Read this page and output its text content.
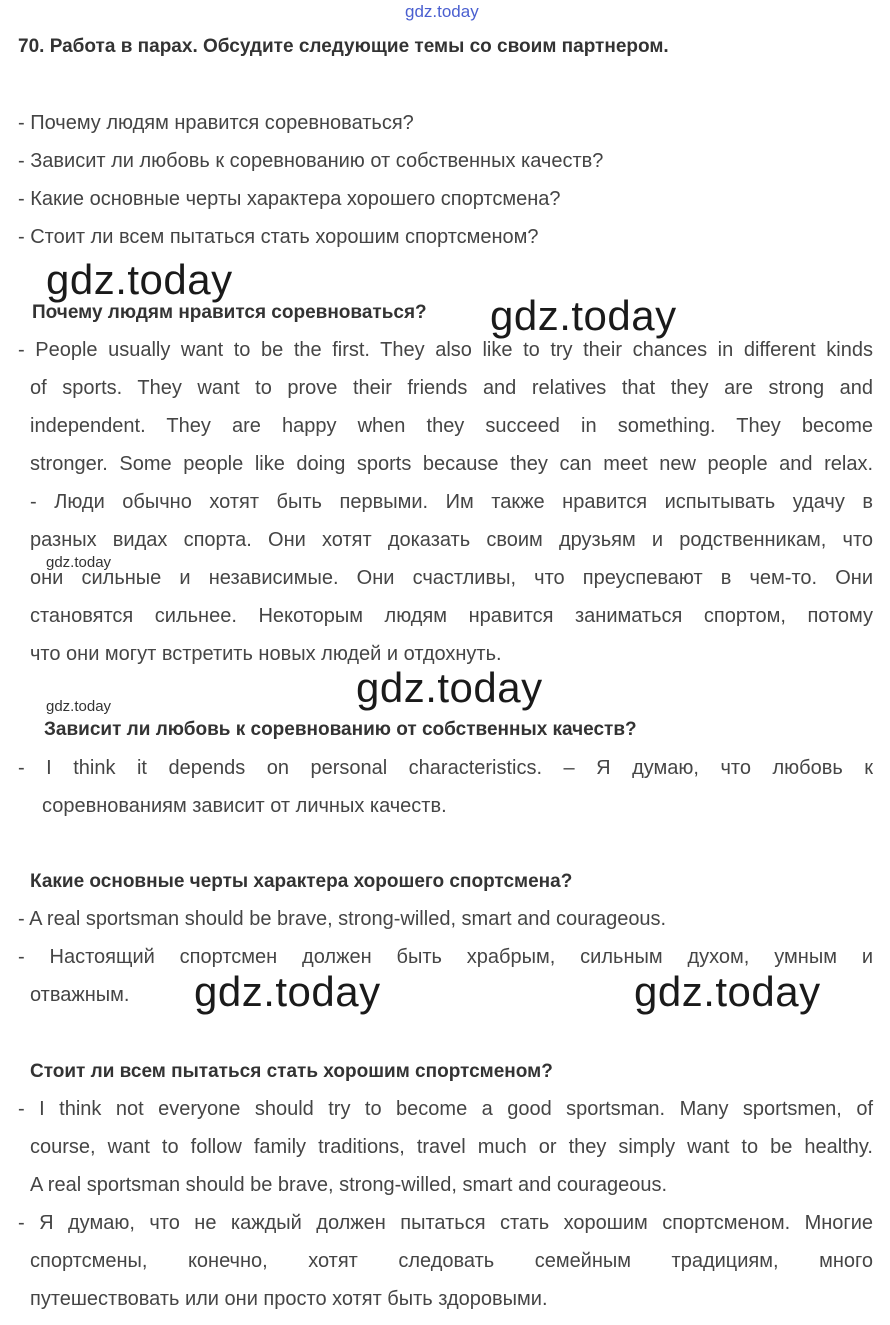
gdz.today
70. Работа в парах. Обсудите следующие темы со своим партнером.
- Почему людям нравится соревноваться?
- Зависит ли любовь к соревнованию от собственных качеств?
- Какие основные черты характера хорошего спортсмена?
- Стоит ли всем пытаться стать хорошим спортсменом?
gdz.today
Почему людям нравится соревноваться? gdz.today
- People usually want to be the first. They also like to try their chances in different kinds
of sports. They want to prove their friends and relatives that they are strong and
independent. They are happy when they succeed in something. They become
stronger. Some people like doing sports because they can meet new people and relax.
- Люди обычно хотят быть первыми. Им также нравится испытывать удачу в
разных видах спорта. Они хотят доказать своим друзьям и родственникам, что
gdz.today
они сильные и независимые. Они счастливы, что преуспевают в чем-то. Они
становятся сильнее. Некоторым людям нравится заниматься спортом, потому
что они могут встретить новых людей и отдохнуть.
gdz.today
gdz.today
Зависит ли любовь к соревнованию от собственных качеств?
- I think it depends on personal characteristics. – Я думаю, что любовь к
соревнованиям зависит от личных качеств.
Какие основные черты характера хорошего спортсмена?
- A real sportsman should be brave, strong-willed, smart and courageous.
- Настоящий спортсмен должен быть храбрым, сильным духом, умным и
отважным. gdz.today	gdz.today
Стоит ли всем пытаться стать хорошим спортсменом?
- I think not everyone should try to become a good sportsman. Many sportsmen, of
course, want to follow family traditions, travel much or they simply want to be healthy.
A real sportsman should be brave, strong-willed, smart and courageous.
- Я думаю, что не каждый должен пытаться стать хорошим спортсменом. Многие
спортсмены, конечно, хотят следовать семейным традициям, много
путешествовать или они просто хотят быть здоровыми.
